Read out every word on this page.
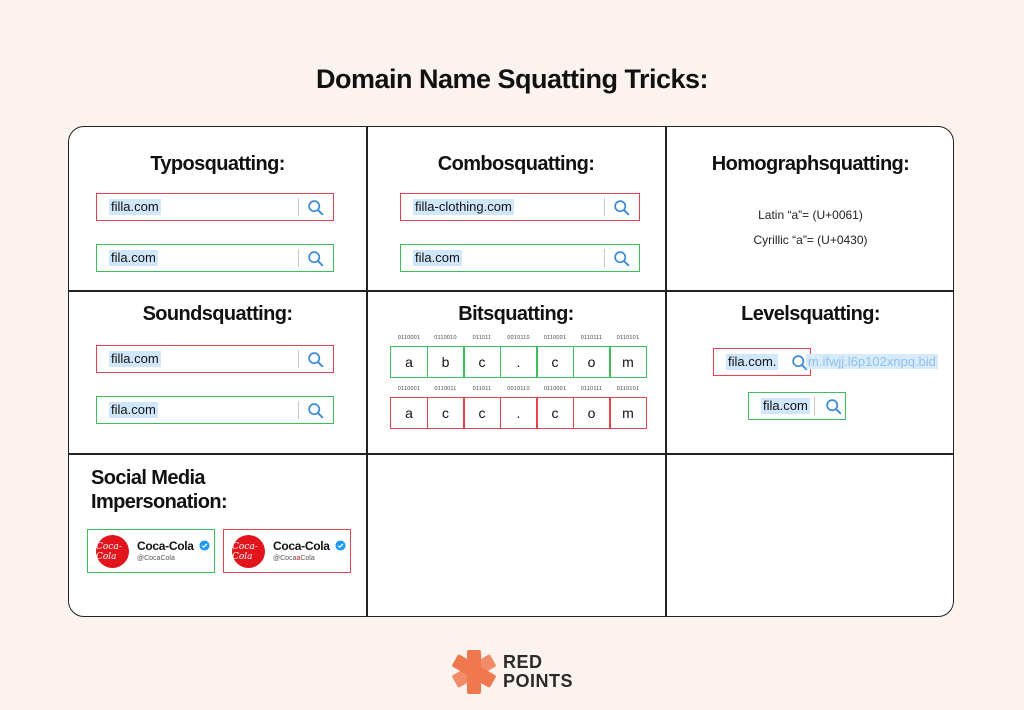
Domain Name Squatting Tricks:
Typosquatting:
filla.com
fila.com
Combosquatting:
filla-clothing.com
fila.com
Homographsquatting:
Latin “a”= (U+0061)
Cyrillic “a”= (U+0430)
Soundsquatting:
filla.com
fila.com
Bitsquatting:
0110001
a
0110010
b
011011
c
0010110
.
0110001
c
0110111
o
0110101
m
0110001
a
0110011
c
011011
c
0010110
.
0110001
c
0110111
o
0110101
m
Levelsquatting:
fila.com. m.ifwjj.l6p102xnpq.bid
fila.com
Social Media
Impersonation:
Coca-Cola
Coca-Cola
@CocaCola
Coca-Cola
Coca-Cola
@CocaaCola
RED
POINTS
